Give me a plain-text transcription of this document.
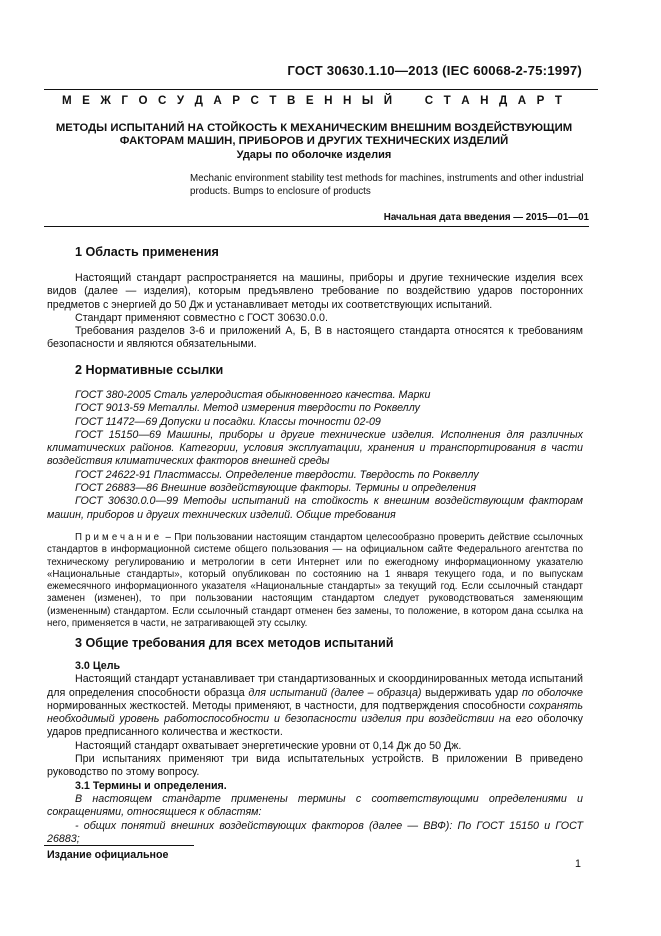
ГОСТ 30630.1.10—2013 (IEC 60068-2-75:1997)
М Е Ж Г О С У Д А Р С Т В Е Н Н Ы Й   С Т А Н Д А Р Т
МЕТОДЫ ИСПЫТАНИЙ НА СТОЙКОСТЬ К МЕХАНИЧЕСКИМ ВНЕШНИМ ВОЗДЕЙСТВУЮЩИМ
ФАКТОРАМ МАШИН, ПРИБОРОВ И ДРУГИХ ТЕХНИЧЕСКИХ ИЗДЕЛИЙ
Удары по оболочке изделия
Mechanic environment stability test methods for machines, instruments and other industrial products. Bumps to enclosure of products
Начальная дата введения — 2015—01—01
1 Область применения

Настоящий стандарт распространяется на машины, приборы и другие технические изделия всех видов (далее — изделия), которым предъявлено требование по воздействию ударов посторонних предметов с энергией до 50 Дж и устанавливает методы их соответствующих испытаний.

Стандарт применяют совместно с ГОСТ 30630.0.0.

Требования разделов 3-6 и приложений А, Б, В в настоящего стандарта относятся к требованиям безопасности и являются обязательными.

2 Нормативные ссылки

ГОСТ 380-2005 Сталь углеродистая обыкновенного качества. Марки

ГОСТ 9013-59 Металлы. Метод измерения твердости по Роквеллу

ГОСТ 11472—69 Допуски и посадки. Классы точности 02-09

ГОСТ 15150—69 Машины, приборы и другие технические изделия. Исполнения для различных климатических районов. Категории, условия эксплуатации, хранения и транспортирования в части воздействия климатических факторов внешней среды

ГОСТ 24622-91 Пластмассы. Определение твердости. Твердость по Роквеллу

ГОСТ 26883—86 Внешние воздействующие факторы. Термины и определения

ГОСТ 30630.0.0—99 Методы испытаний на стойкость к внешним воздействующим факторам машин, приборов и других технических изделий. Общие требования

Примечание – При пользовании настоящим стандартом целесообразно проверить действие ссылочных стандартов в информационной системе общего пользования — на официальном сайте Федерального агентства по техническому регулированию и метрологии в сети Интернет или по ежегодному информационному указателю «Национальные стандарты», который опубликован по состоянию на 1 января текущего года, и по выпускам ежемесячного информационного указателя «Национальные стандарты» за текущий год. Если ссылочный стандарт заменен (изменен), то при пользовании настоящим стандартом следует руководствоваться заменяющим (измененным) стандартом. Если ссылочный стандарт отменен без замены, то положение, в котором дана ссылка на него, применяется в части, не затрагивающей эту ссылку.

3 Общие требования для всех методов испытаний

3.0 Цель

Настоящий стандарт устанавливает три стандартизованных и скоординированных метода испытаний для определения способности образца для испытаний (далее – образца) выдерживать удар по оболочке нормированных жесткостей. Методы применяют, в частности, для подтверждения способности сохранять необходимый уровень работоспособности и безопасности изделия при воздействии на его оболочку ударов предписанного количества и жесткости.

Настоящий стандарт охватывает энергетические уровни от 0,14 Дж до 50 Дж.

При испытаниях применяют три вида испытательных устройств. В приложении В приведено руководство по этому вопросу.

3.1 Термины и определения.

В настоящем стандарте применены термины с соответствующими определениями и сокращениями, относящиеся к областям:

- общих понятий внешних воздействующих факторов (далее — ВВФ): По ГОСТ 15150 и ГОСТ 26883;

Издание официальное
1
